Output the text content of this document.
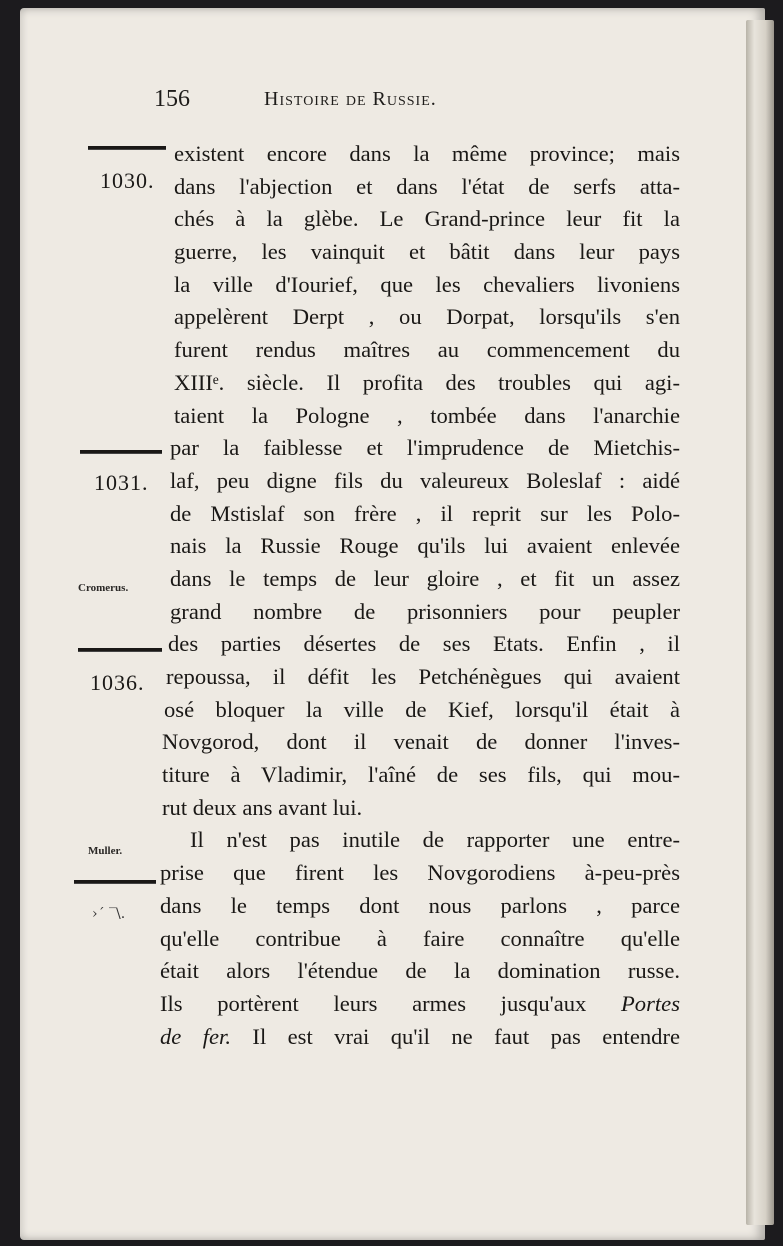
156	Histoire de Russie.
1030.
1031.
1036.
Cromerus.
Muller.
›´ ‾\.
existent encore dans la même province; mais
dans l'abjection et dans l'état de serfs atta-
chés à la glèbe. Le Grand-prince leur fit la
guerre, les vainquit et bâtit dans leur pays
la ville d'Iourief, que les chevaliers livoniens
appelèrent Derpt , ou Dorpat, lorsqu'ils s'en
furent rendus maîtres au commencement du
XIIIᵉ. siècle. Il profita des troubles qui agi-
taient la Pologne , tombée dans l'anarchie
par la faiblesse et l'imprudence de Mietchis-
laf, peu digne fils du valeureux Boleslaf : aidé
de Mstislaf son frère , il reprit sur les Polo-
nais la Russie Rouge qu'ils lui avaient enlevée
dans le temps de leur gloire , et fit un assez
grand nombre de prisonniers pour peupler
des parties désertes de ses Etats. Enfin , il
repoussa, il défit les Petchénègues qui avaient
osé bloquer la ville de Kief, lorsqu'il était à
Novgorod, dont il venait de donner l'inves-
titure à Vladimir, l'aîné de ses fils, qui mou-
rut deux ans avant lui.
Il n'est pas inutile de rapporter une entre-
prise que firent les Novgorodiens à-peu-près
dans le temps dont nous parlons , parce
qu'elle contribue à faire connaître qu'elle
était alors l'étendue de la domination russe.
Ils portèrent leurs armes jusqu'aux Portes
de fer. Il est vrai qu'il ne faut pas entendre
